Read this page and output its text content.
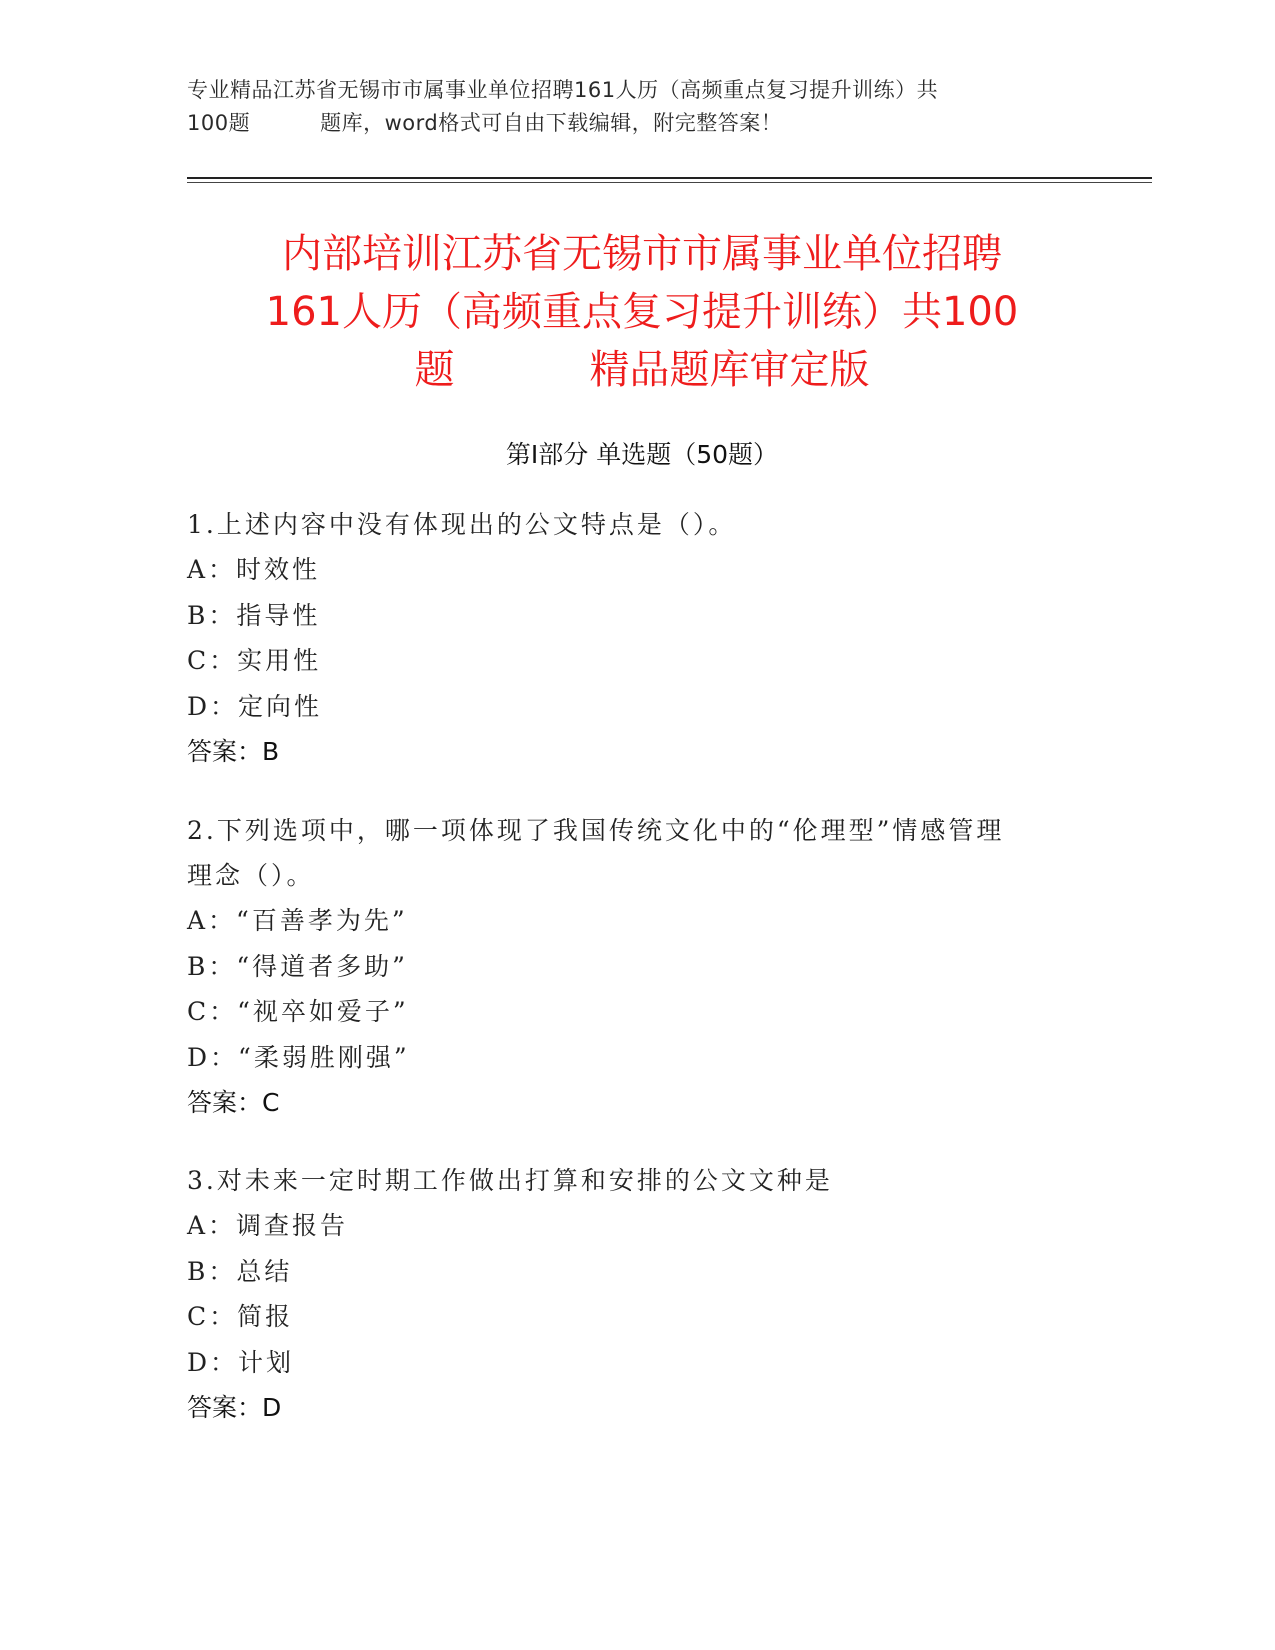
专业精品江苏省无锡市市属事业单位招聘161人历（高频重点复习提升训练）共
100题	题库，word格式可自由下载编辑，附完整答案！
内部培训江苏省无锡市市属事业单位招聘
161人历（高频重点复习提升训练）共100
题	精品题库审定版
第Ⅰ部分 单选题（50题）
1.上述内容中没有体现出的公文特点是（）。
A：时效性
B：指导性
C：实用性
D：定向性
答案：B
2.下列选项中，哪一项体现了我国传统文化中的“伦理型”情感管理
理念（）。
A：“百善孝为先”
B：“得道者多助”
C：“视卒如爱子”
D：“柔弱胜刚强”
答案：C
3.对未来一定时期工作做出打算和安排的公文文种是
A：调查报告
B：总结
C：简报
D：计划
答案：D
